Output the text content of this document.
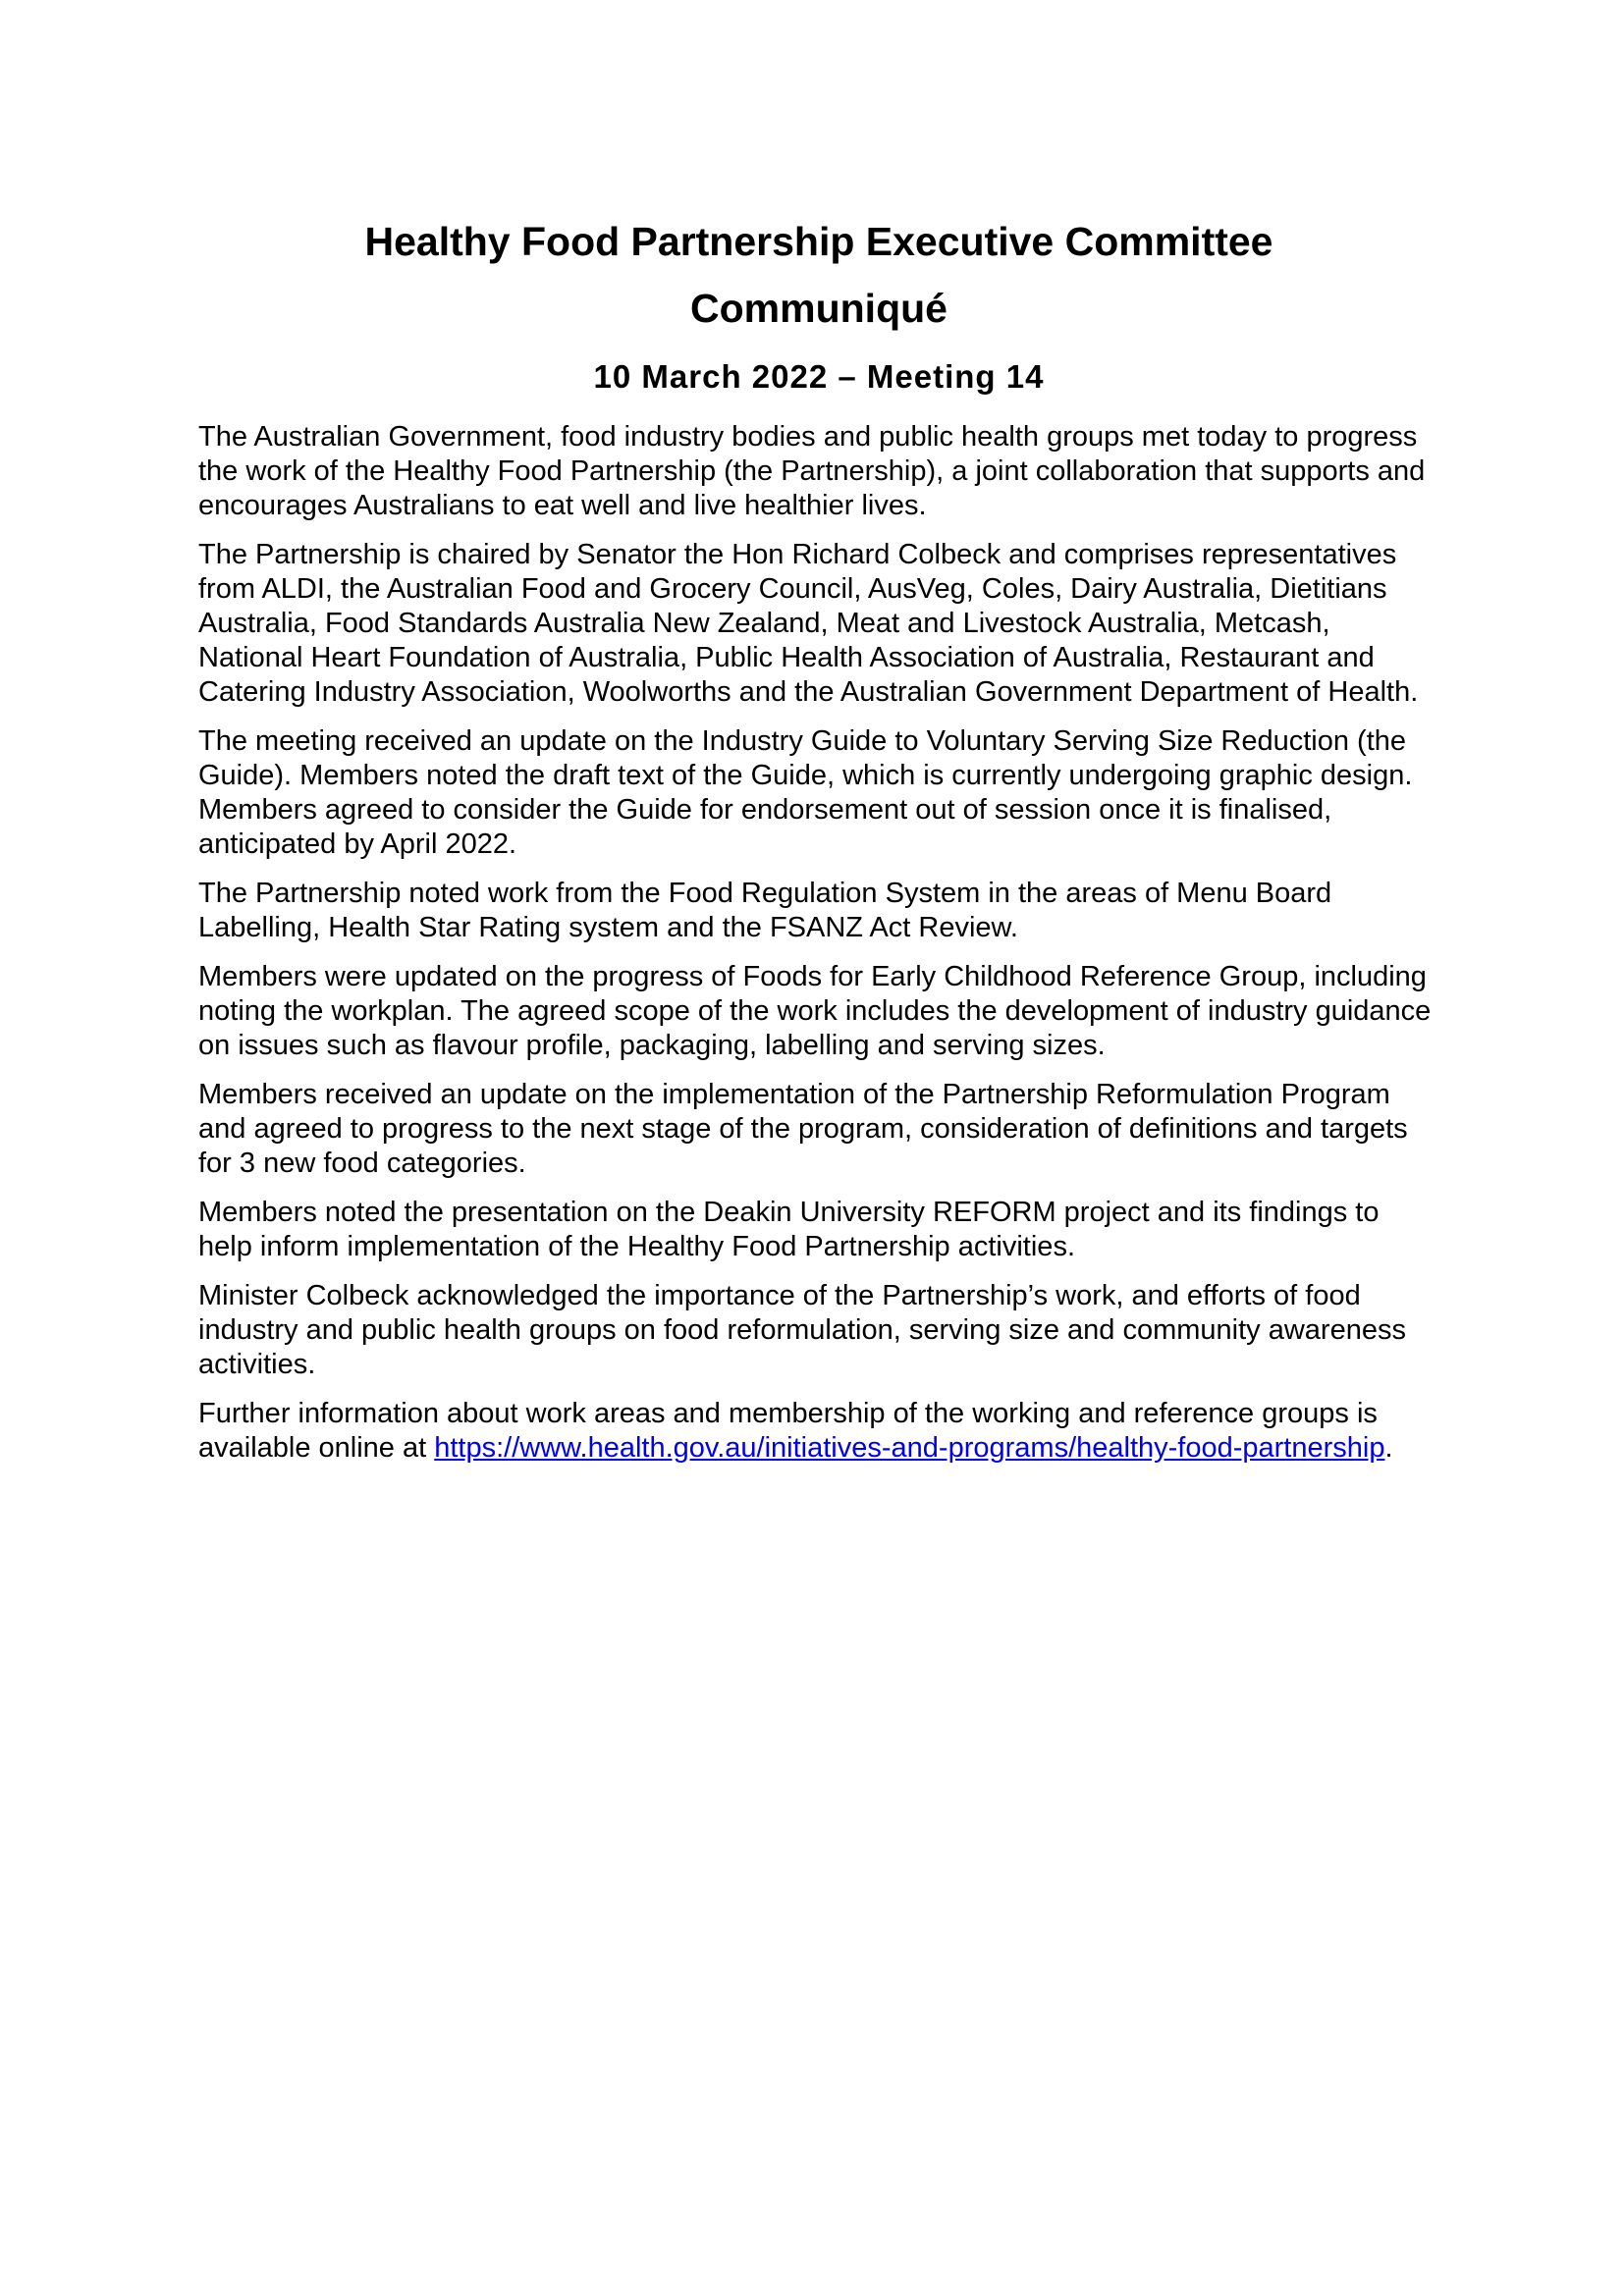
Healthy Food Partnership Executive Committee
Communiqué
10 March 2022 – Meeting 14

The Australian Government, food industry bodies and public health groups met today to progress the work of the Healthy Food Partnership (the Partnership), a joint collaboration that supports and encourages Australians to eat well and live healthier lives.

The Partnership is chaired by Senator the Hon Richard Colbeck and comprises representatives from ALDI, the Australian Food and Grocery Council, AusVeg, Coles, Dairy Australia, Dietitians Australia, Food Standards Australia New Zealand, Meat and Livestock Australia, Metcash, National Heart Foundation of Australia, Public Health Association of Australia, Restaurant and Catering Industry Association, Woolworths and the Australian Government Department of Health.

The meeting received an update on the Industry Guide to Voluntary Serving Size Reduction (the Guide). Members noted the draft text of the Guide, which is currently undergoing graphic design. Members agreed to consider the Guide for endorsement out of session once it is finalised, anticipated by April 2022.

The Partnership noted work from the Food Regulation System in the areas of Menu Board Labelling, Health Star Rating system and the FSANZ Act Review.

Members were updated on the progress of Foods for Early Childhood Reference Group, including noting the workplan. The agreed scope of the work includes the development of industry guidance on issues such as flavour profile, packaging, labelling and serving sizes.

Members received an update on the implementation of the Partnership Reformulation Program and agreed to progress to the next stage of the program, consideration of definitions and targets for 3 new food categories.

Members noted the presentation on the Deakin University REFORM project and its findings to help inform implementation of the Healthy Food Partnership activities.

Minister Colbeck acknowledged the importance of the Partnership’s work, and efforts of food industry and public health groups on food reformulation, serving size and community awareness activities.

Further information about work areas and membership of the working and reference groups is available online at https://www.health.gov.au/initiatives-and-programs/healthy-food-partnership.
